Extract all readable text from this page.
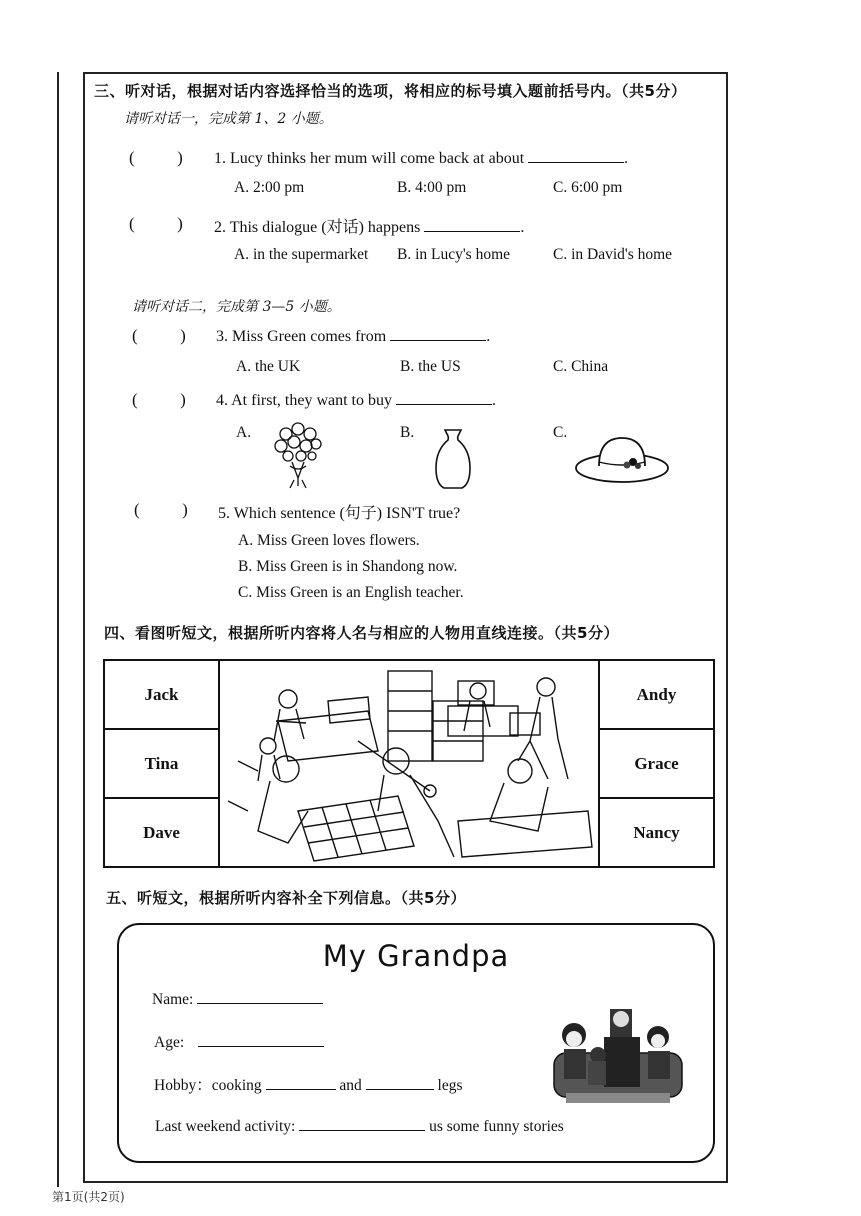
第1页(共2页)
三、听对话，根据对话内容选择恰当的选项，将相应的标号填入题前括号内。（共5分）
请听对话一，完成第 1、2 小题。
(          ) 1. Lucy thinks her mum will come back at about	.
A. 2:00 pm	B. 4:00 pm	C. 6:00 pm
(          ) 2. This dialogue (对话) happens	.
A. in the supermarket B. in Lucy's home	C. in David's home
请听对话二，完成第 3—5 小题。
(          ) 3. Miss Green comes from	.
A. the UK	B. the US	C. China
(          ) 4. At first, they want to buy	.
A.	B.	C.
(          ) 5. Which sentence (句子) ISN'T true?
A. Miss Green loves flowers.
B. Miss Green is in Shandong now.
C. Miss Green is an English teacher.
四、看图听短文，根据所听内容将人名与相应的人物用直线连接。（共5分）
Jack
Tina
Dave
Andy
Grace
Nancy
五、听短文，根据所听内容补全下列信息。（共5分）
My Grandpa
Name:
Age:
Hobby：cooking	and	legs
Last weekend activity:	us some funny stories
